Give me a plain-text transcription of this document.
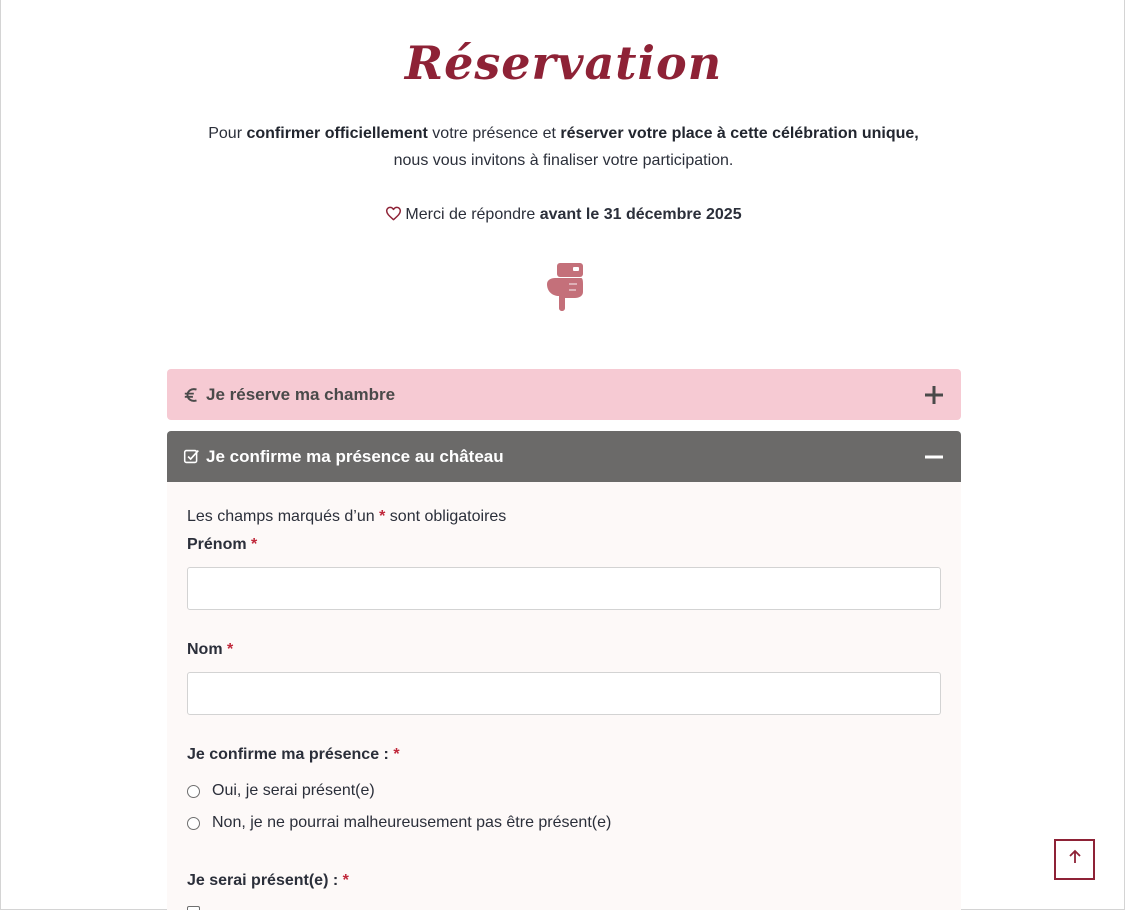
Réservation
Pour confirmer officiellement votre présence et réserver votre place à cette célébration unique,
nous vous invitons à finaliser votre participation.
Merci de répondre avant le 31 décembre 2025
Je réserve ma chambre
Je confirme ma présence au château
Les champs marqués d’un * sont obligatoires
Prénom *
Nom *
Je confirme ma présence : *
Oui, je serai présent(e)
Non, je ne pourrai malheureusement pas être présent(e)
Je serai présent(e) : *
